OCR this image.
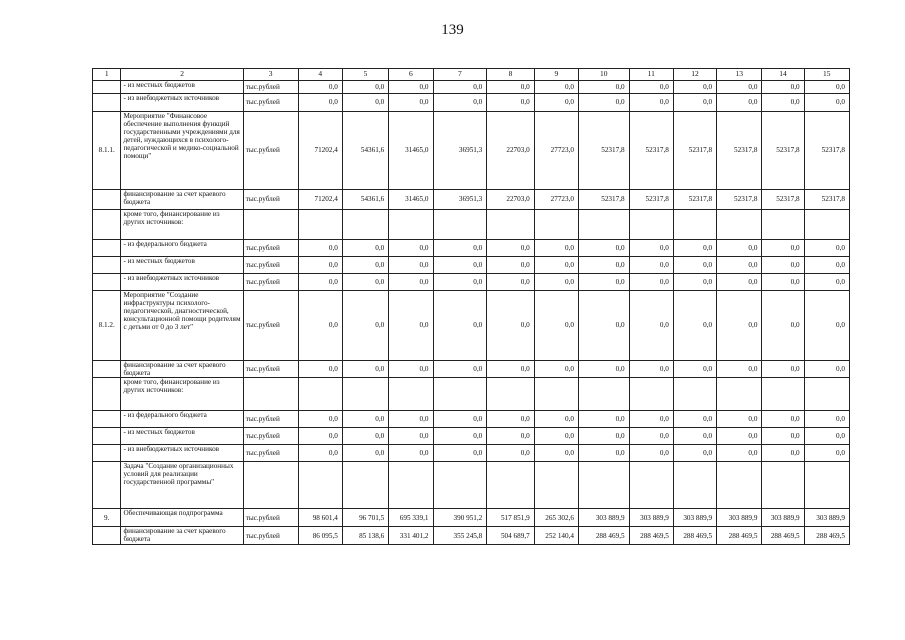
139
1	2	3	4	5	6	7	8	9	10	11	12	13	14	15
	- из местных бюджетов	тыс.рублей	0,0	0,0	0,0	0,0	0,0	0,0	0,0	0,0	0,0	0,0	0,0	0,0
	- из внебюджетных источников	тыс.рублей	0,0	0,0	0,0	0,0	0,0	0,0	0,0	0,0	0,0	0,0	0,0	0,0
8.1.1.	Мероприятие "Финансовое обеспечение выполнения функций государственными учреждениями для детей, нуждающихся в психолого-педагогической и медико-социальной помощи"	тыс.рублей	71202,4	54361,6	31465,0	36951,3	22703,0	27723,0	52317,8	52317,8	52317,8	52317,8	52317,8	52317,8
	финансирование за счет краевого бюджета	тыс.рублей	71202,4	54361,6	31465,0	36951,3	22703,0	27723,0	52317,8	52317,8	52317,8	52317,8	52317,8	52317,8
	кроме того, финансирование из других источников:													
	- из федерального бюджета	тыс.рублей	0,0	0,0	0,0	0,0	0,0	0,0	0,0	0,0	0,0	0,0	0,0	0,0
	- из местных бюджетов	тыс.рублей	0,0	0,0	0,0	0,0	0,0	0,0	0,0	0,0	0,0	0,0	0,0	0,0
	- из внебюджетных источников	тыс.рублей	0,0	0,0	0,0	0,0	0,0	0,0	0,0	0,0	0,0	0,0	0,0	0,0
8.1.2.	Мероприятие "Создание инфраструктуры психолого-педагогической, диагностической, консультационной помощи родителям с детьми от 0 до 3 лет"	тыс.рублей	0,0	0,0	0,0	0,0	0,0	0,0	0,0	0,0	0,0	0,0	0,0	0,0
	финансирование за счет краевого бюджета	тыс.рублей	0,0	0,0	0,0	0,0	0,0	0,0	0,0	0,0	0,0	0,0	0,0	0,0
	кроме того, финансирование из других источников:													
	- из федерального бюджета	тыс.рублей	0,0	0,0	0,0	0,0	0,0	0,0	0,0	0,0	0,0	0,0	0,0	0,0
	- из местных бюджетов	тыс.рублей	0,0	0,0	0,0	0,0	0,0	0,0	0,0	0,0	0,0	0,0	0,0	0,0
	- из внебюджетных источников	тыс.рублей	0,0	0,0	0,0	0,0	0,0	0,0	0,0	0,0	0,0	0,0	0,0	0,0
	Задача "Создание организационных условий для реализации государственной программы"													
9.	Обеспечивающая подпрограмма	тыс.рублей	98 601,4	96 701,5	695 339,1	390 951,2	517 851,9	265 302,6	303 889,9	303 889,9	303 889,9	303 889,9	303 889,9	303 889,9
	финансирование за счет краевого бюджета	тыс.рублей	86 095,5	85 138,6	331 401,2	355 245,8	504 689,7	252 140,4	288 469,5	288 469,5	288 469,5	288 469,5	288 469,5	288 469,5
